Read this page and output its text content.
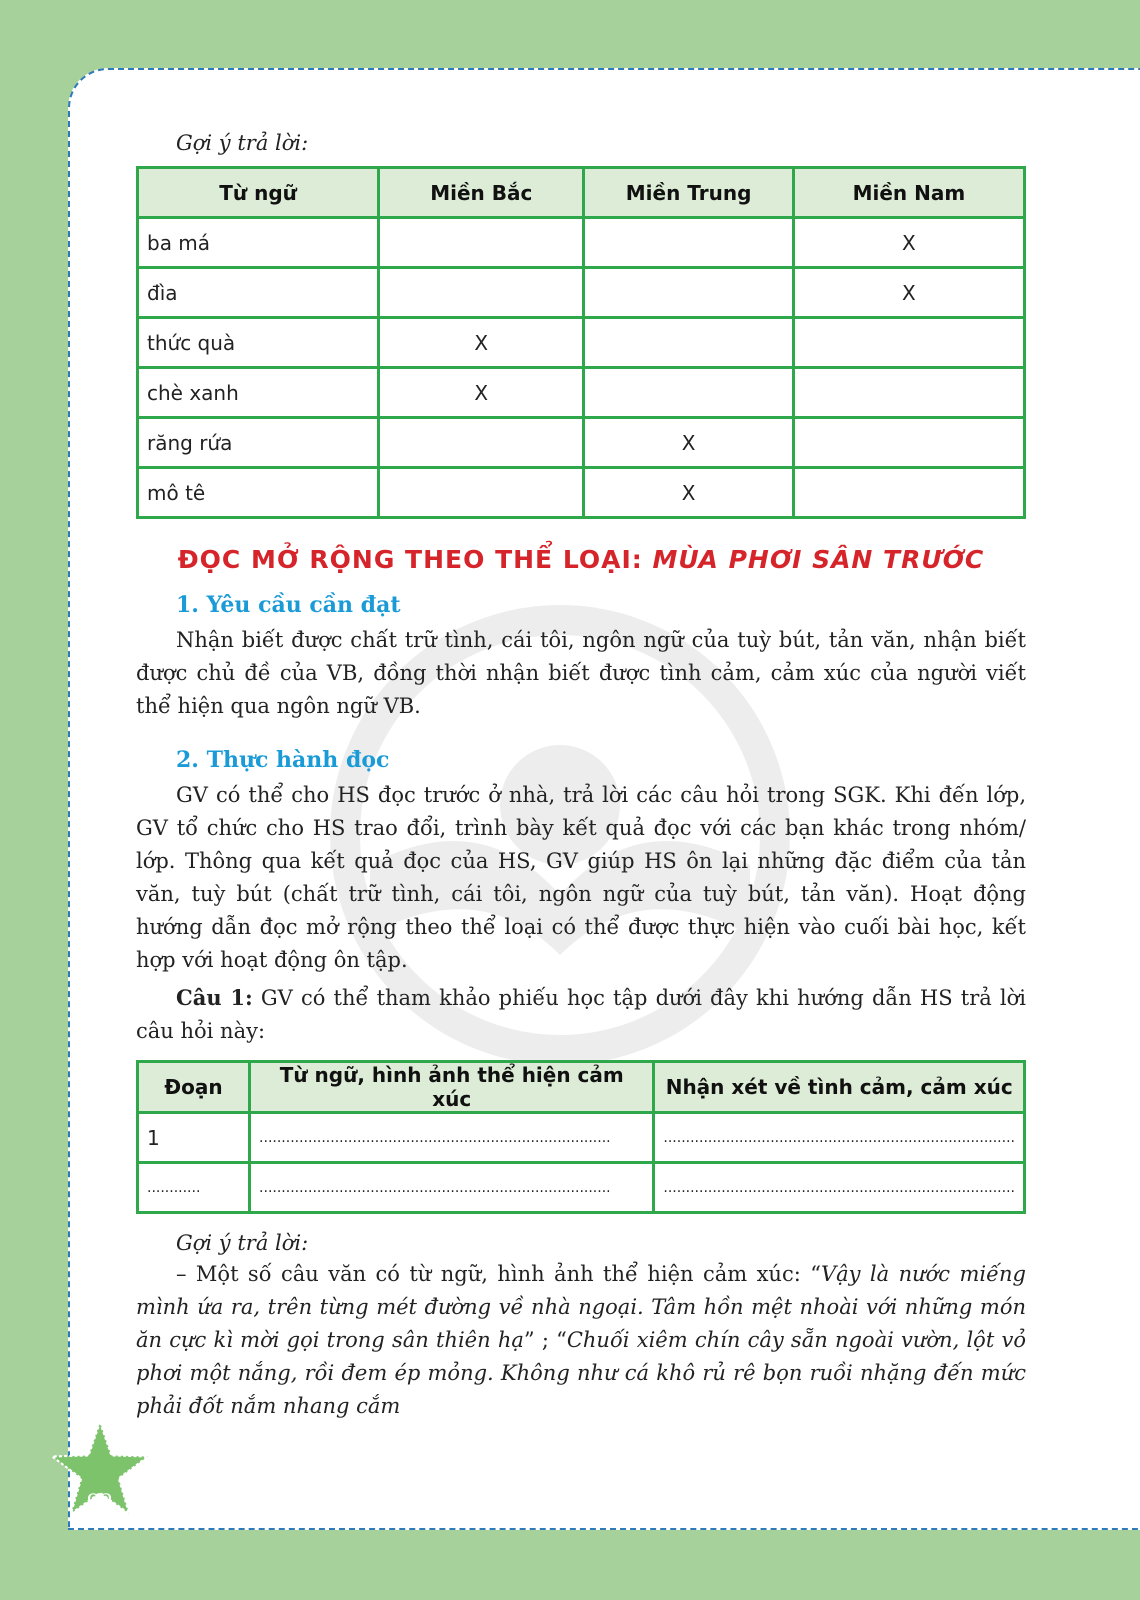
Gợi ý trả lời:

Từ ngữ	Miền Bắc	Miền Trung	Miền Nam
ba má			X
đìa			X
thức quà	X		
chè xanh	X		
răng rứa		X	
mô tê		X	
ĐỌC MỞ RỘNG THEO THỂ LOẠI: MÙA PHƠI SÂN TRƯỚC
1. Yêu cầu cần đạt

Nhận biết được chất trữ tình, cái tôi, ngôn ngữ của tuỳ bút, tản văn, nhận biết được chủ đề của VB, đồng thời nhận biết được tình cảm, cảm xúc của người viết thể hiện qua ngôn ngữ VB.

2. Thực hành đọc

GV có thể cho HS đọc trước ở nhà, trả lời các câu hỏi trong SGK. Khi đến lớp, GV tổ chức cho HS trao đổi, trình bày kết quả đọc với các bạn khác trong nhóm/ lớp. Thông qua kết quả đọc của HS, GV giúp HS ôn lại những đặc điểm của tản văn, tuỳ bút (chất trữ tình, cái tôi, ngôn ngữ của tuỳ bút, tản văn). Hoạt động hướng dẫn đọc mở rộng theo thể loại có thể được thực hiện vào cuối bài học, kết hợp với hoạt động ôn tập.

Câu 1: GV có thể tham khảo phiếu học tập dưới đây khi hướng dẫn HS trả lời câu hỏi này:

Đoạn	Từ ngữ, hình ảnh thể hiện cảm xúc	Nhận xét về tình cảm, cảm xúc
1	...............................................................................	...............................................................................
............	...............................................................................	...............................................................................

Gợi ý trả lời:

– Một số câu văn có từ ngữ, hình ảnh thể hiện cảm xúc: “Vậy là nước miếng mình ứa ra, trên từng mét đường về nhà ngoại. Tâm hồn mệt nhoài với những món ăn cực kì mời gọi trong sân thiên hạ” ; “Chuối xiêm chín cây sẵn ngoài vườn, lột vỏ phơi một nắng, rồi đem ép mỏng. Không như cá khô rủ rê bọn ruồi nhặng đến mức phải đốt nắm nhang cắm

92
